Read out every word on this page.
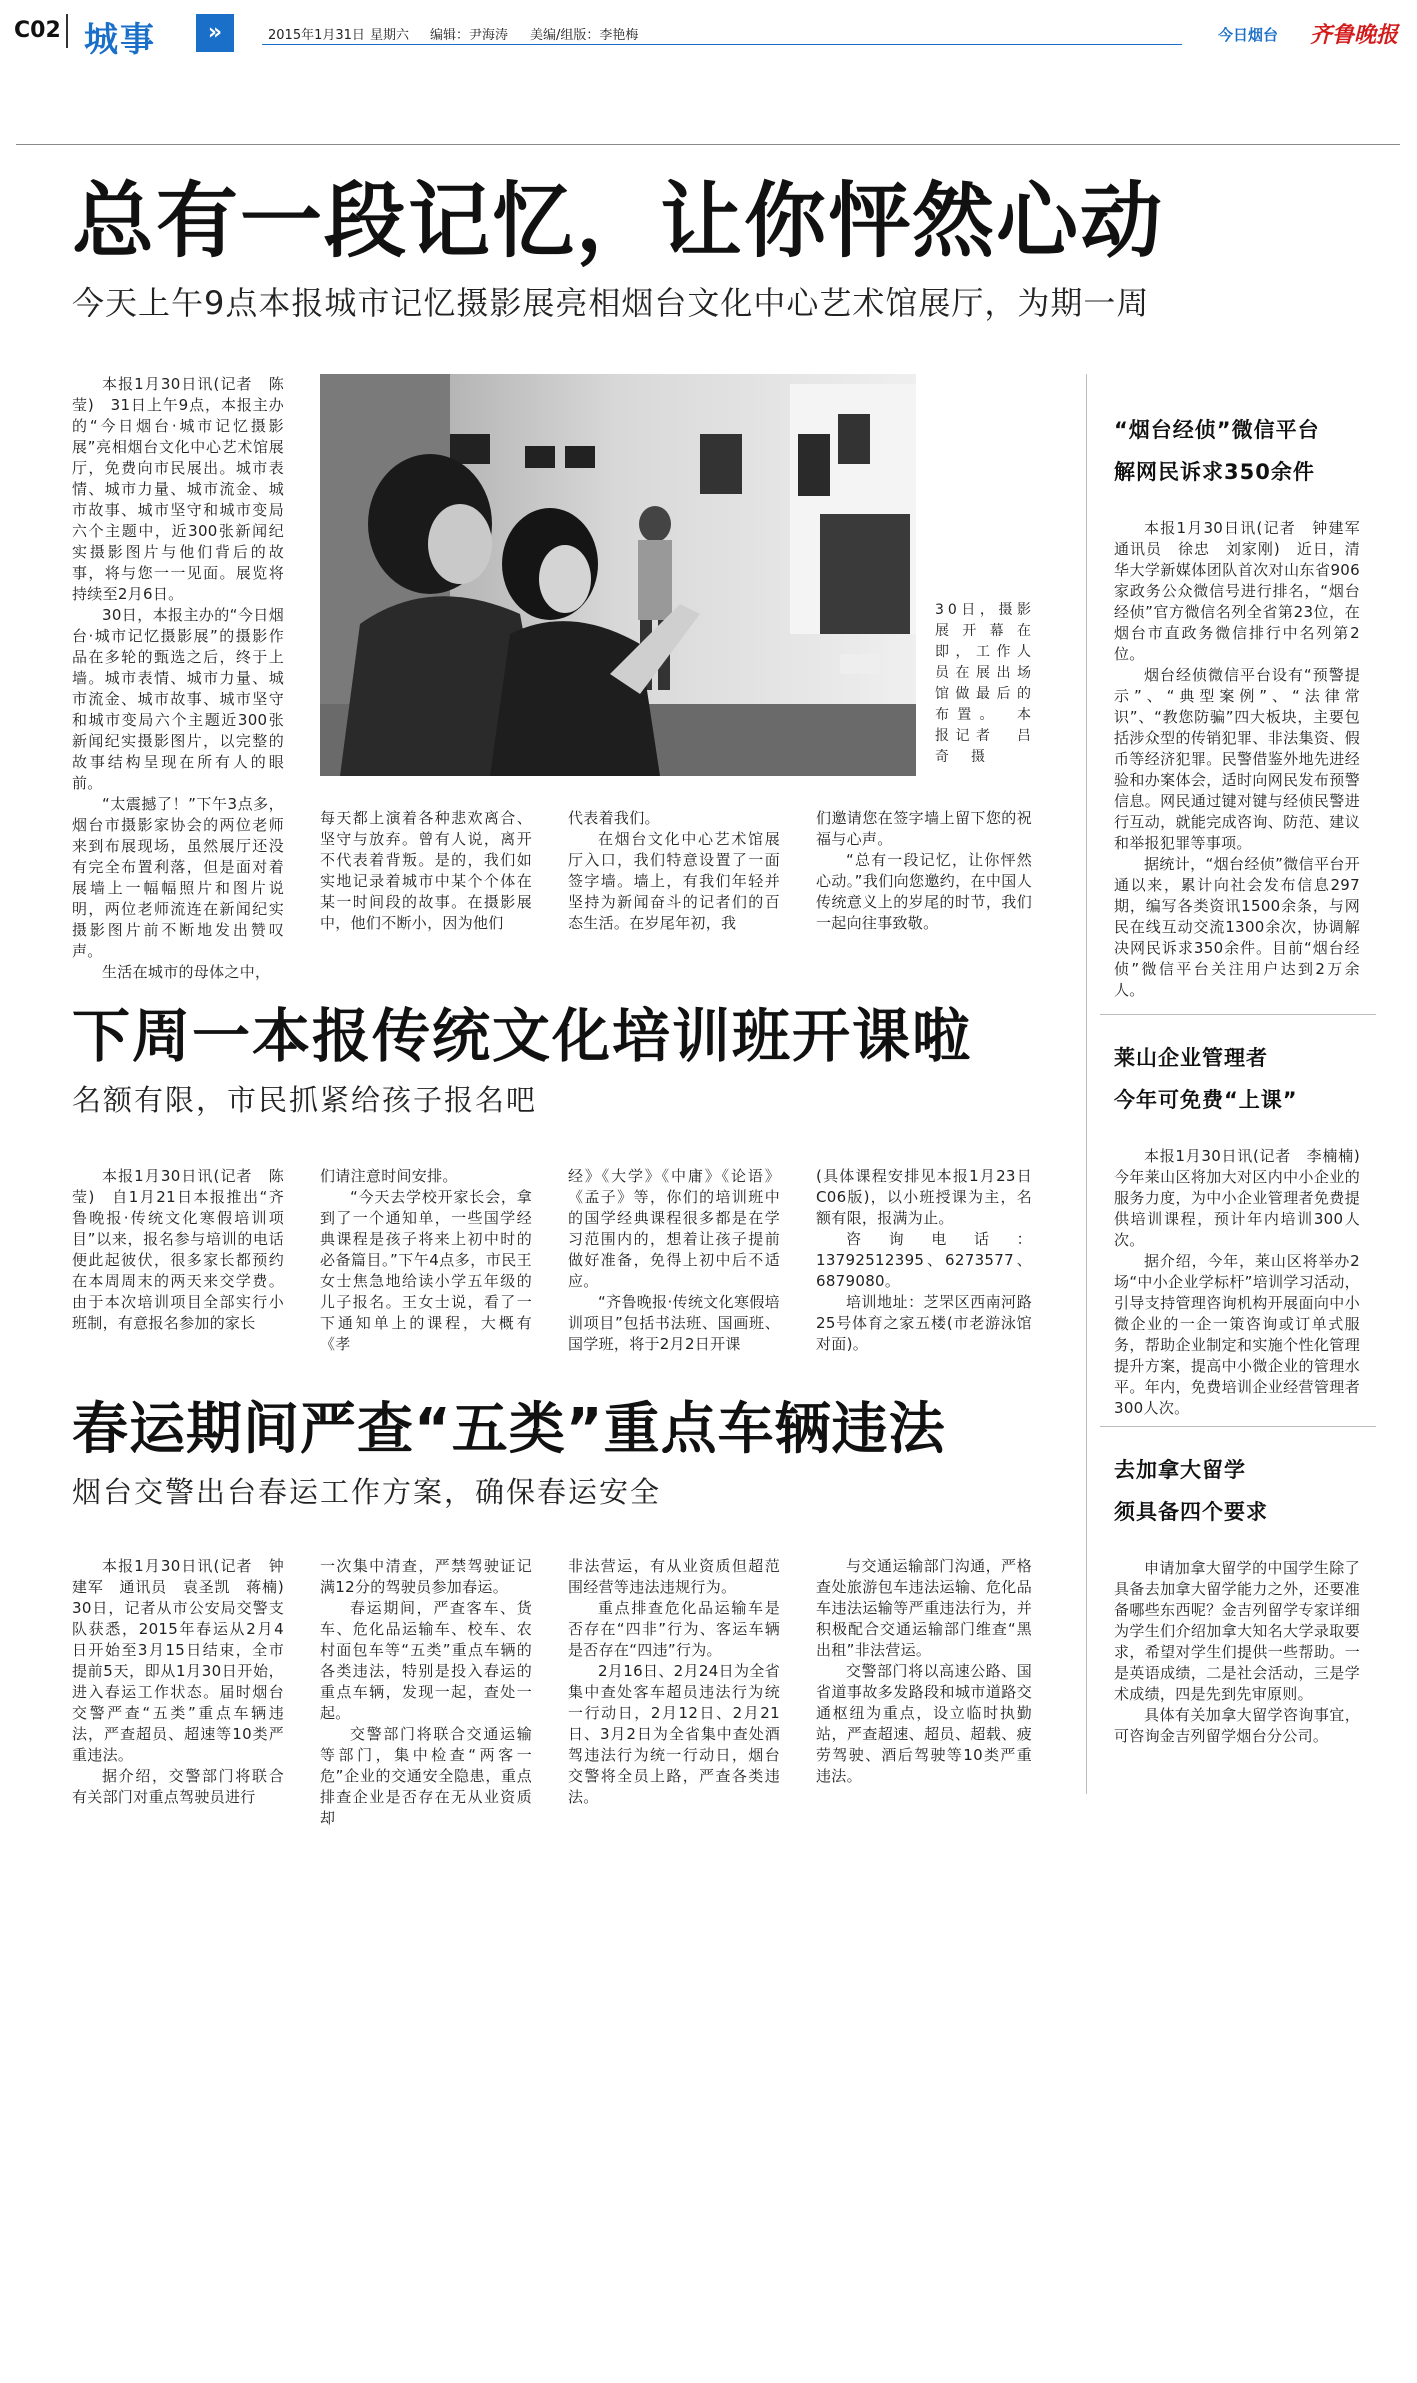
C02 城事	»	2015年1月31日 星期六 编辑：尹海涛 美编/组版：李艳梅	今日烟台 齐鲁晚报
总有一段记忆，让你怦然心动
今天上午9点本报城市记忆摄影展亮相烟台文化中心艺术馆展厅，为期一周

本报1月30日讯(记者　陈莹)　31日上午9点，本报主办的“今日烟台·城市记忆摄影展”亮相烟台文化中心艺术馆展厅，免费向市民展出。城市表情、城市力量、城市流金、城市故事、城市坚守和城市变局六个主题中，近300张新闻纪实摄影图片与他们背后的故事，将与您一一见面。展览将持续至2月6日。

30日，本报主办的“今日烟台·城市记忆摄影展”的摄影作品在多轮的甄选之后，终于上墙。城市表情、城市力量、城市流金、城市故事、城市坚守和城市变局六个主题近300张新闻纪实摄影图片，以完整的故事结构呈现在所有人的眼前。

“太震撼了！”下午3点多，烟台市摄影家协会的两位老师来到布展现场，虽然展厅还没有完全布置利落，但是面对着展墙上一幅幅照片和图片说明，两位老师流连在新闻纪实摄影图片前不断地发出赞叹声。

生活在城市的母体之中，

30日，摄影展开幕在即，工作人员在展出场馆做最后的布置。　本报记者　吕奇　摄

每天都上演着各种悲欢离合、坚守与放弃。曾有人说，离开不代表着背叛。是的，我们如实地记录着城市中某个个体在某一时间段的故事。在摄影展中，他们不断小，因为他们

代表着我们。

在烟台文化中心艺术馆展厅入口，我们特意设置了一面签字墙。墙上，有我们年轻并坚持为新闻奋斗的记者们的百态生活。在岁尾年初，我

们邀请您在签字墙上留下您的祝福与心声。

“总有一段记忆，让你怦然心动。”我们向您邀约，在中国人传统意义上的岁尾的时节，我们一起向往事致敬。

“烟台经侦”微信平台
解网民诉求350余件

本报1月30日讯(记者　钟建军　通讯员　徐忠　刘家刚)　近日，清华大学新媒体团队首次对山东省906家政务公众微信号进行排名，“烟台经侦”官方微信名列全省第23位，在烟台市直政务微信排行中名列第2位。

烟台经侦微信平台设有“预警提示”、“典型案例”、“法律常识”、“教您防骗”四大板块，主要包括涉众型的传销犯罪、非法集资、假币等经济犯罪。民警借鉴外地先进经验和办案体会，适时向网民发布预警信息。网民通过键对键与经侦民警进行互动，就能完成咨询、防范、建议和举报犯罪等事项。

据统计，“烟台经侦”微信平台开通以来，累计向社会发布信息297期，编写各类资讯1500余条，与网民在线互动交流1300余次，协调解决网民诉求350余件。目前“烟台经侦”微信平台关注用户达到2万余人。

下周一本报传统文化培训班开课啦
名额有限，市民抓紧给孩子报名吧

本报1月30日讯(记者　陈莹)　自1月21日本报推出“齐鲁晚报·传统文化寒假培训项目”以来，报名参与培训的电话便此起彼伏，很多家长都预约在本周周末的两天来交学费。由于本次培训项目全部实行小班制，有意报名参加的家长

们请注意时间安排。

“今天去学校开家长会，拿到了一个通知单，一些国学经典课程是孩子将来上初中时的必备篇目。”下午4点多，市民王女士焦急地给读小学五年级的儿子报名。王女士说，看了一下通知单上的课程，大概有《孝

经》《大学》《中庸》《论语》《孟子》等，你们的培训班中的国学经典课程很多都是在学习范围内的，想着让孩子提前做好准备，免得上初中后不适应。

“齐鲁晚报·传统文化寒假培训项目”包括书法班、国画班、国学班，将于2月2日开课

(具体课程安排见本报1月23日C06版)，以小班授课为主，名额有限，报满为止。

咨询电话：13792512395、6273577、6879080。

培训地址：芝罘区西南河路25号体育之家五楼(市老游泳馆对面)。

莱山企业管理者
今年可免费“上课”

本报1月30日讯(记者　李楠楠)　今年莱山区将加大对区内中小企业的服务力度，为中小企业管理者免费提供培训课程，预计年内培训300人次。

据介绍，今年，莱山区将举办2场“中小企业学标杆”培训学习活动，引导支持管理咨询机构开展面向中小微企业的一企一策咨询或订单式服务，帮助企业制定和实施个性化管理提升方案，提高中小微企业的管理水平。年内，免费培训企业经营管理者300人次。

春运期间严查“五类”重点车辆违法
烟台交警出台春运工作方案，确保春运安全

本报1月30日讯(记者　钟建军　通讯员　袁圣凯　蒋楠)　30日，记者从市公安局交警支队获悉，2015年春运从2月4日开始至3月15日结束，全市提前5天，即从1月30日开始，进入春运工作状态。届时烟台交警严查“五类”重点车辆违法，严查超员、超速等10类严重违法。

据介绍，交警部门将联合有关部门对重点驾驶员进行

一次集中清查，严禁驾驶证记满12分的驾驶员参加春运。

春运期间，严查客车、货车、危化品运输车、校车、农村面包车等“五类”重点车辆的各类违法，特别是投入春运的重点车辆，发现一起，查处一起。

交警部门将联合交通运输等部门，集中检查“两客一危”企业的交通安全隐患，重点排查企业是否存在无从业资质却

非法营运，有从业资质但超范围经营等违法违规行为。

重点排查危化品运输车是否存在“四非”行为、客运车辆是否存在“四违”行为。

2月16日、2月24日为全省集中查处客车超员违法行为统一行动日，2月12日、2月21日、3月2日为全省集中查处酒驾违法行为统一行动日，烟台交警将全员上路，严查各类违法。

与交通运输部门沟通，严格查处旅游包车违法运输、危化品车违法运输等严重违法行为，并积极配合交通运输部门维查“黑出租”非法营运。

交警部门将以高速公路、国省道事故多发路段和城市道路交通枢纽为重点，设立临时执勤站，严查超速、超员、超载、疲劳驾驶、酒后驾驶等10类严重违法。

去加拿大留学
须具备四个要求

申请加拿大留学的中国学生除了具备去加拿大留学能力之外，还要准备哪些东西呢？金吉列留学专家详细为学生们介绍加拿大知名大学录取要求，希望对学生们提供一些帮助。一是英语成绩，二是社会活动，三是学术成绩，四是先到先审原则。

具体有关加拿大留学咨询事宜，可咨询金吉列留学烟台分公司。
